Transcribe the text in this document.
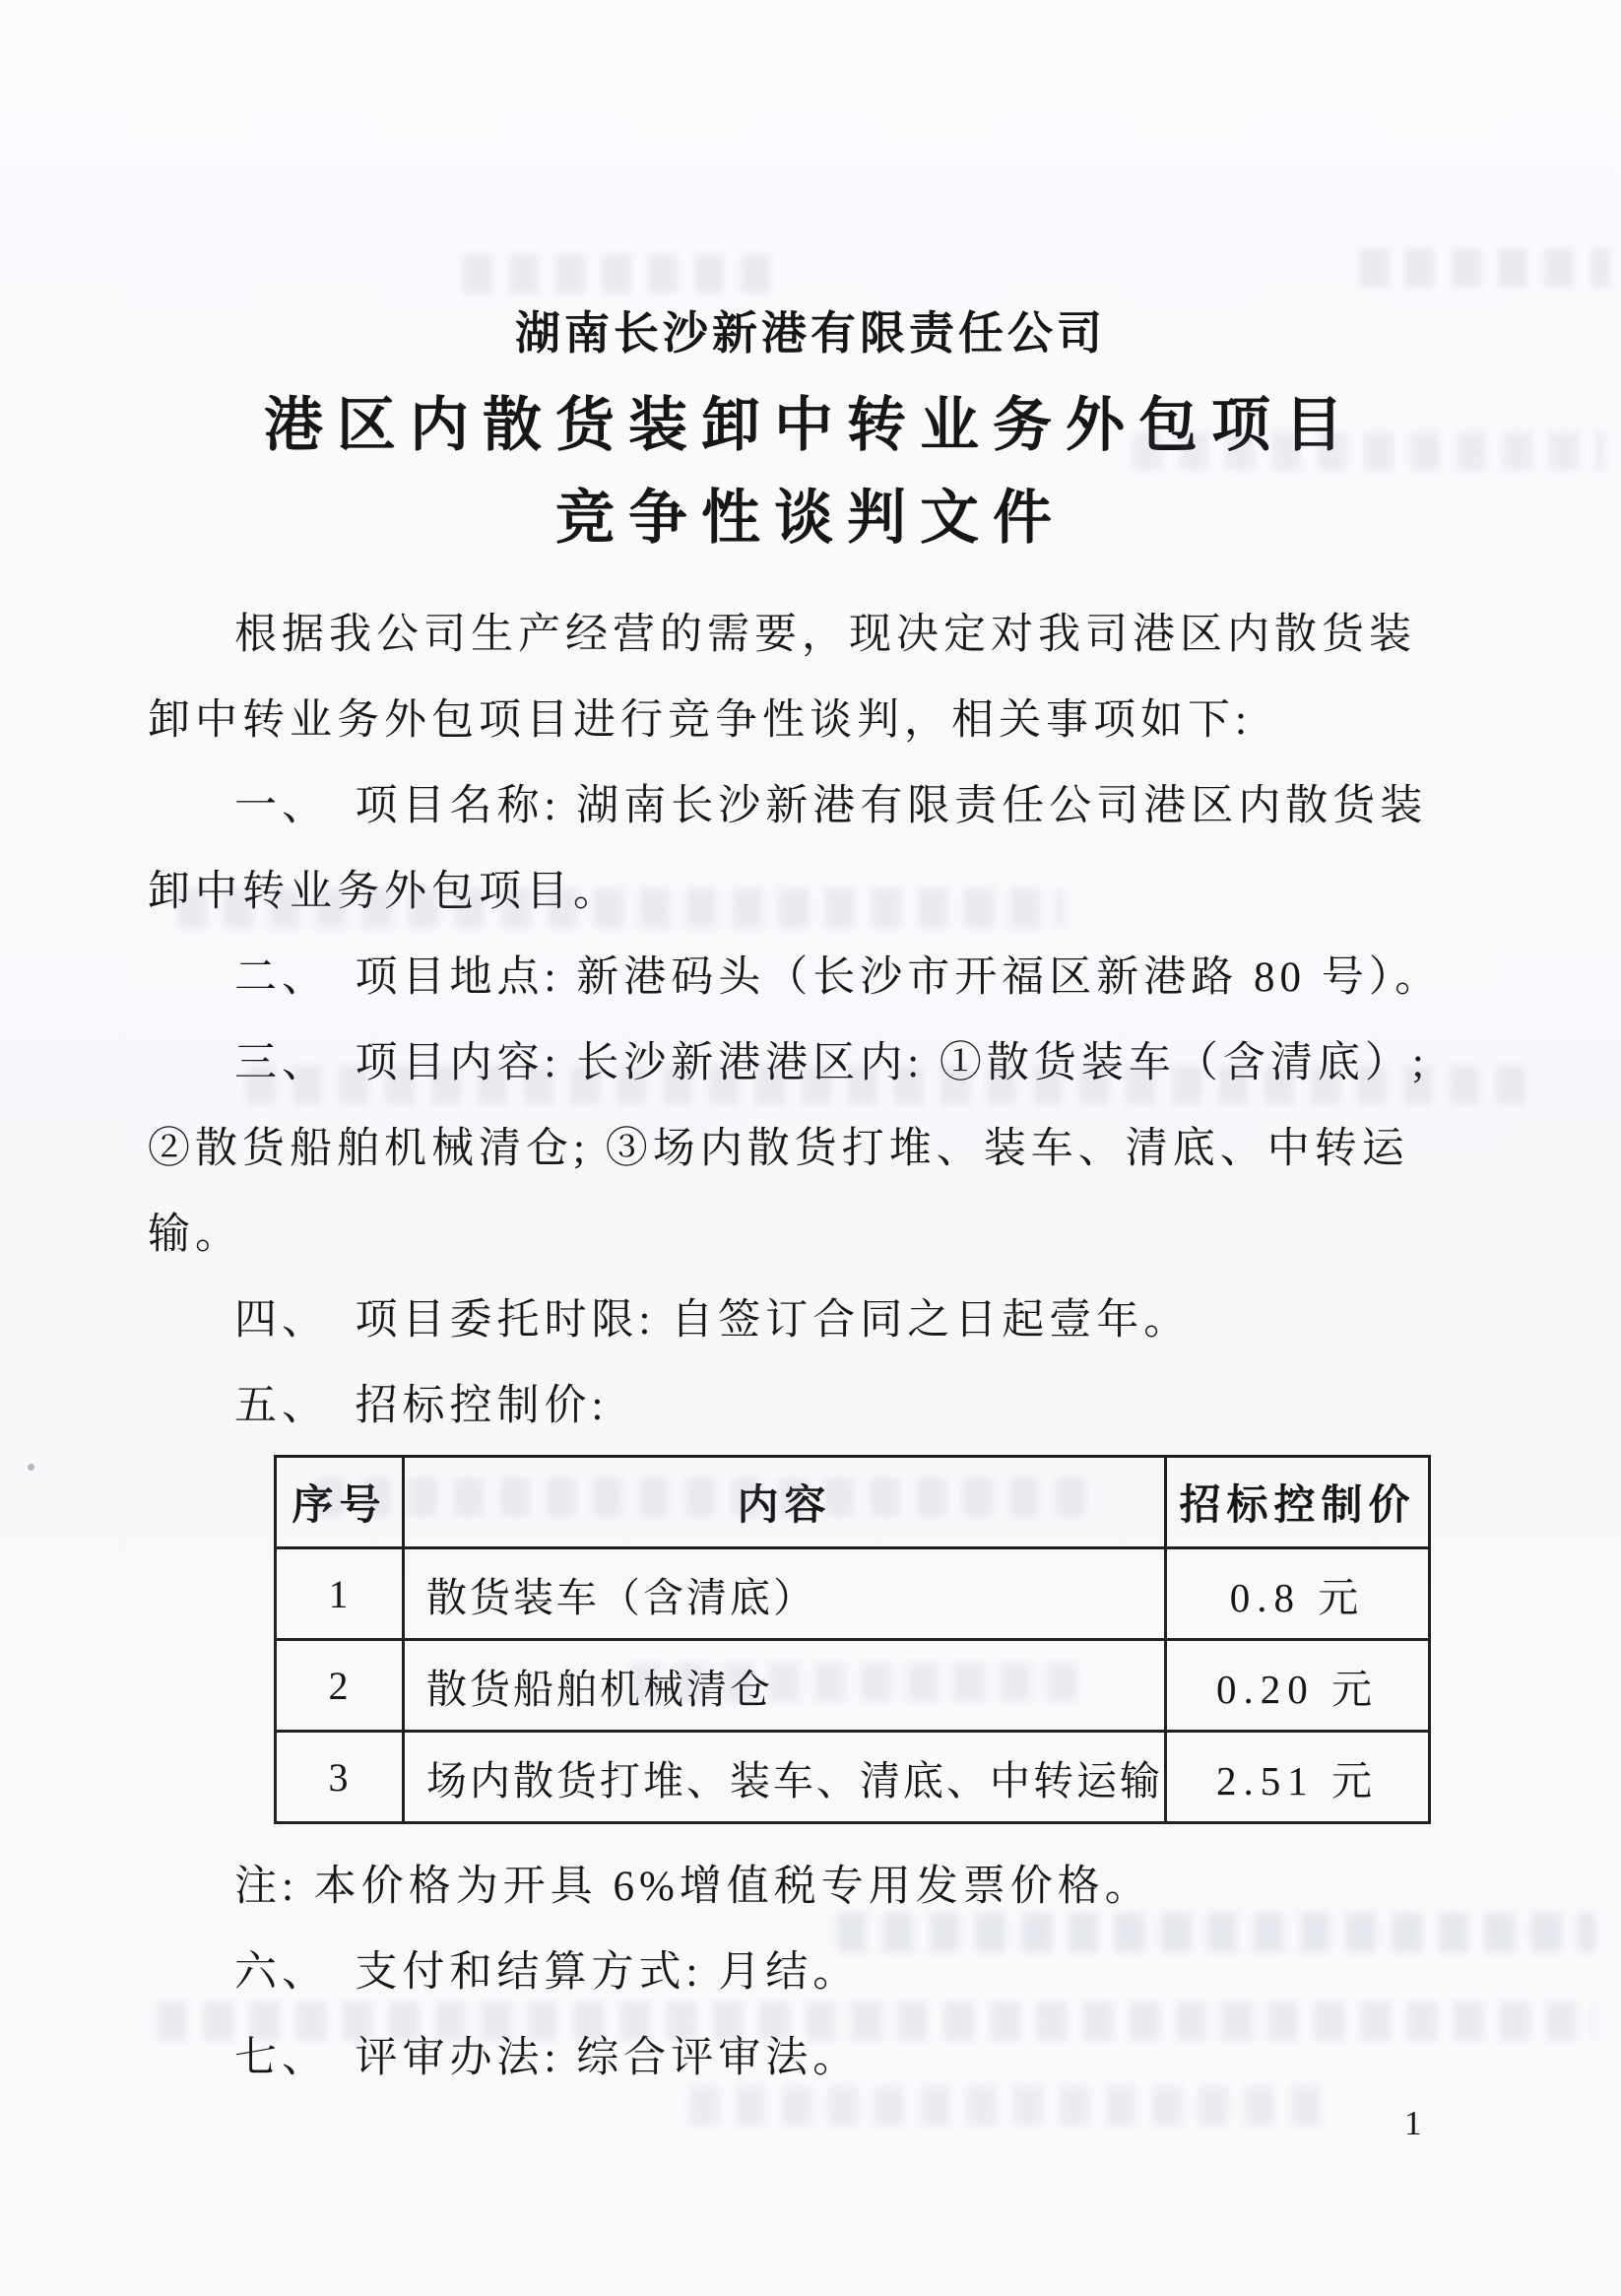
湖南长沙新港有限责任公司
港区内散货装卸中转业务外包项目
竞争性谈判文件
根据我公司生产经营的需要，现决定对我司港区内散货装
卸中转业务外包项目进行竞争性谈判，相关事项如下:
一、　项目名称: 湖南长沙新港有限责任公司港区内散货装
卸中转业务外包项目。
二、　项目地点: 新港码头（长沙市开福区新港路 80 号）。
三、　项目内容: 长沙新港港区内: ①散货装车（含清底）;
②散货船舶机械清仓; ③场内散货打堆、装车、清底、中转运
输。
四、　项目委托时限: 自签订合同之日起壹年。
五、　招标控制价:
序号	内容	招标控制价
1	散货装车（含清底）	0.8 元
2	散货船舶机械清仓	0.20 元
3	场内散货打堆、装车、清底、中转运输	2.51 元
注: 本价格为开具 6%增值税专用发票价格。
六、　支付和结算方式: 月结。
七、　评审办法: 综合评审法。
1
